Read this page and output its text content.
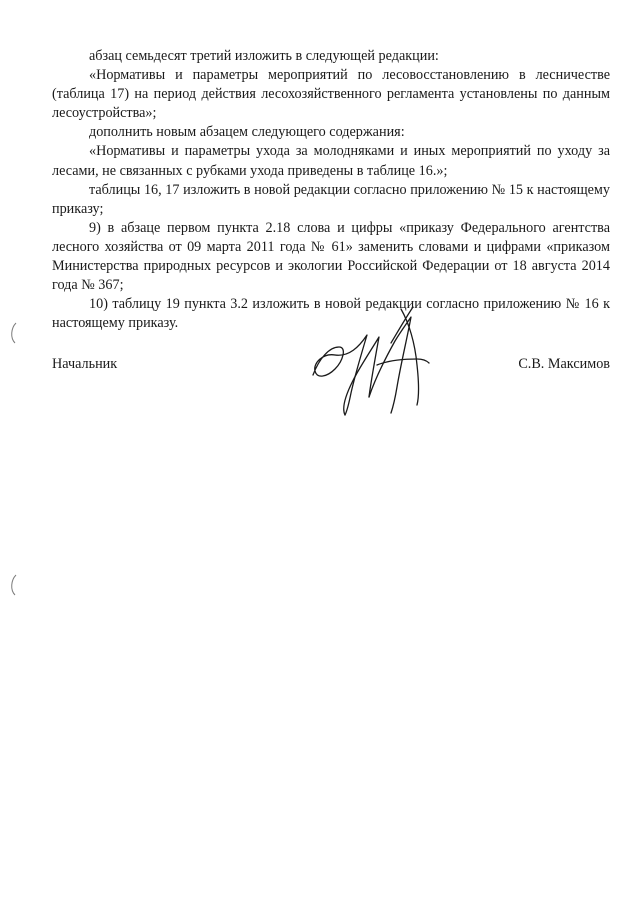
абзац семьдесят третий изложить в следующей редакции:

«Нормативы и параметры мероприятий по лесовосстановлению в лесничестве (таблица 17) на период действия лесохозяйственного регламента установлены по данным лесоустройства»;

дополнить новым абзацем следующего содержания:

«Нормативы и параметры ухода за молодняками и иных мероприятий по уходу за лесами, не связанных с рубками ухода приведены в таблице 16.»;

таблицы 16, 17 изложить в новой редакции согласно приложению № 15 к настоящему приказу;

9) в абзаце первом пункта 2.18 слова и цифры «приказу Федерального агентства лесного хозяйства от 09 марта 2011 года № 61» заменить словами и цифрами «приказом Министерства природных ресурсов и экологии Российской Федерации от 18 августа 2014 года № 367;

10) таблицу 19 пункта 3.2 изложить в новой редакции согласно приложению № 16 к настоящему приказу.

Начальник	С.В. Максимов
